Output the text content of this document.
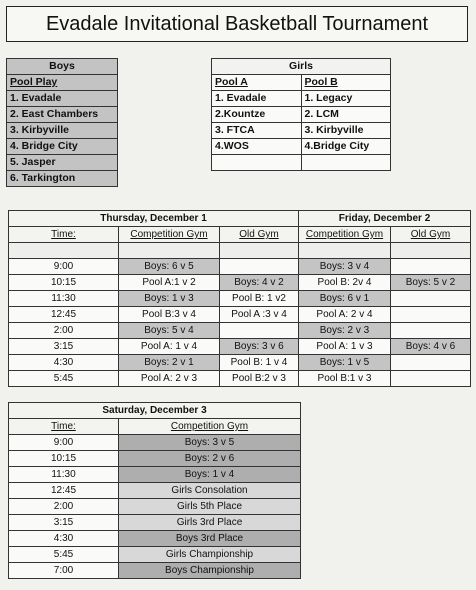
Evadale Invitational Basketball Tournament
Boys
Pool Play
1. Evadale
2. East Chambers
3. Kirbyville
4. Bridge City
5. Jasper
6. Tarkington
Girls	
Pool A	Pool B
1. Evadale	1. Legacy
2.Kountze	2. LCM
3. FTCA	3. Kirbyville
4.WOS	4.Bridge City

Thursday, December 1			Friday, December 2	
Time:	Competition Gym	Old Gym	Competition Gym	Old Gym

9:00	Boys: 6 v 5		Boys: 3 v 4	
10:15	Pool A:1 v 2	Boys: 4 v 2	Pool B: 2v 4	Boys: 5 v 2
11:30	Boys: 1 v 3	Pool B: 1 v2	Boys: 6 v 1	
12:45	Pool B:3 v 4	Pool A :3 v 4	Pool A: 2 v 4	
2:00	Boys: 5 v 4		Boys: 2 v 3	
3:15	Pool A: 1 v 4	Boys: 3 v 6	Pool A: 1 v 3	Boys: 4 v 6
4:30	Boys: 2 v 1	Pool B: 1 v 4	Boys: 1 v 5	
5:45	Pool A: 2 v 3	Pool B:2 v 3	Pool B:1 v 3	
Saturday, December 3	
Time:	Competition Gym
9:00	Boys: 3 v 5
10:15	Boys: 2 v 6
11:30	Boys: 1 v 4
12:45	Girls Consolation
2:00	Girls 5th Place
3:15	Girls 3rd Place
4:30	Boys 3rd Place
5:45	Girls Championship
7:00	Boys Championship
